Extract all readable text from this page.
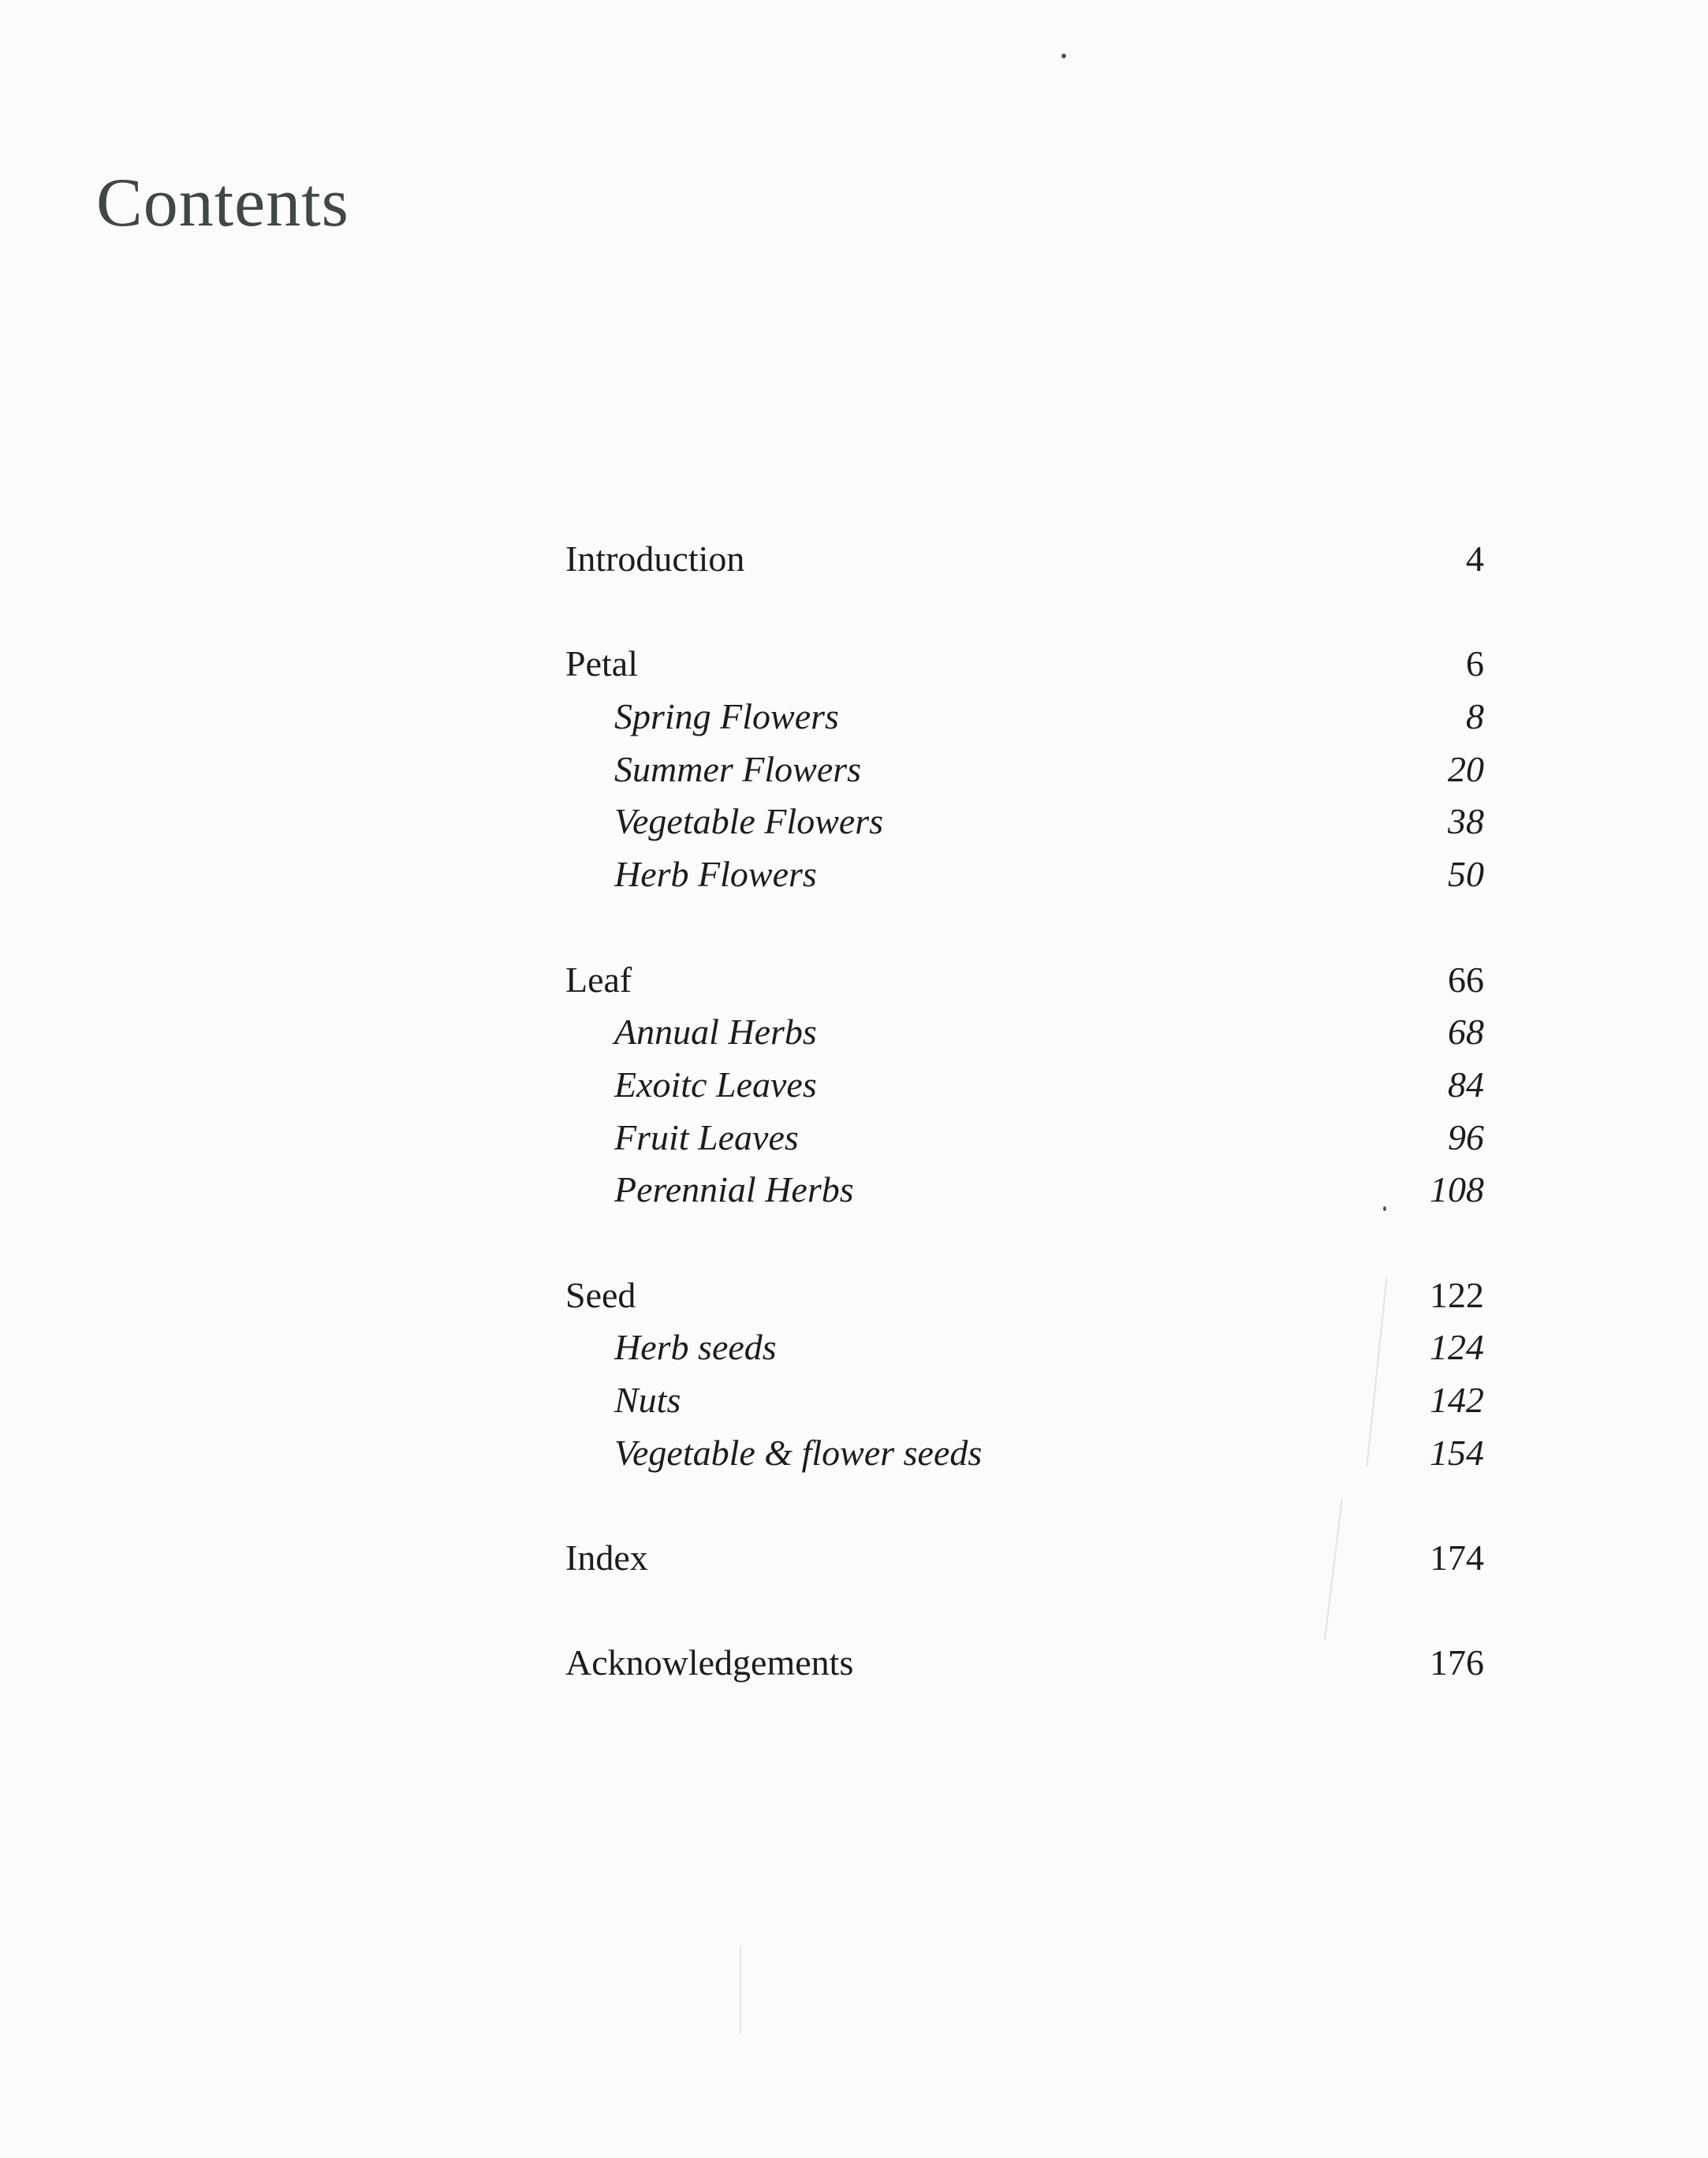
Contents
Introduction	4
Petal	6
Spring Flowers	8
Summer Flowers	20
Vegetable Flowers	38
Herb Flowers	50
Leaf	66
Annual Herbs	68
Exoitc Leaves	84
Fruit Leaves	96
Perennial Herbs	108
Seed	122
Herb seeds	124
Nuts	142
Vegetable & flower seeds	154
Index	174
Acknowledgements	176
